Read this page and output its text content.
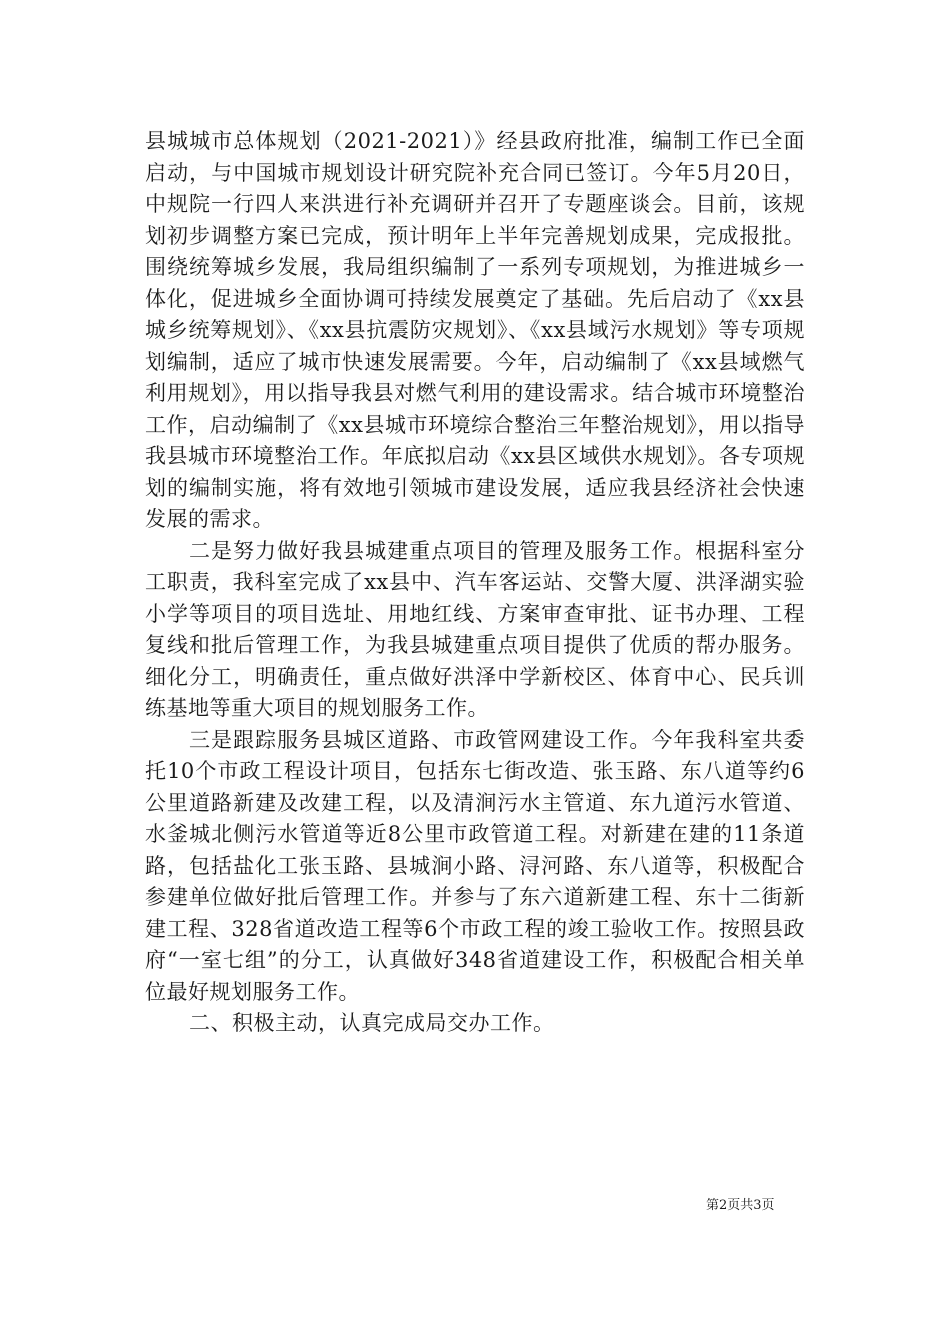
县城城市总体规划（2021-2021）》经县政府批准，编制工作已全面启动，与中国城市规划设计研究院补充合同已签订。今年5月20日，中规院一行四人来洪进行补充调研并召开了专题座谈会。目前，该规划初步调整方案已完成，预计明年上半年完善规划成果，完成报批。围绕统筹城乡发展，我局组织编制了一系列专项规划，为推进城乡一体化，促进城乡全面协调可持续发展奠定了基础。先后启动了《xx县城乡统筹规划》、《xx县抗震防灾规划》、《xx县域污水规划》等专项规划编制，适应了城市快速发展需要。今年，启动编制了《xx县域燃气利用规划》，用以指导我县对燃气利用的建设需求。结合城市环境整治工作，启动编制了《xx县城市环境综合整治三年整治规划》，用以指导我县城市环境整治工作。年底拟启动《xx县区域供水规划》。各专项规划的编制实施，将有效地引领城市建设发展，适应我县经济社会快速发展的需求。

二是努力做好我县城建重点项目的管理及服务工作。根据科室分工职责，我科室完成了xx县中、汽车客运站、交警大厦、洪泽湖实验小学等项目的项目选址、用地红线、方案审查审批、证书办理、工程复线和批后管理工作，为我县城建重点项目提供了优质的帮办服务。细化分工，明确责任，重点做好洪泽中学新校区、体育中心、民兵训练基地等重大项目的规划服务工作。

三是跟踪服务县城区道路、市政管网建设工作。今年我科室共委托10个市政工程设计项目，包括东七街改造、张玉路、东八道等约6公里道路新建及改建工程，以及清涧污水主管道、东九道污水管道、水釜城北侧污水管道等近8公里市政管道工程。对新建在建的11条道路，包括盐化工张玉路、县城涧小路、浔河路、东八道等，积极配合参建单位做好批后管理工作。并参与了东六道新建工程、东十二街新建工程、328省道改造工程等6个市政工程的竣工验收工作。按照县政府“一室七组”的分工，认真做好348省道建设工作，积极配合相关单位最好规划服务工作。

二、积极主动，认真完成局交办工作。

第2页共3页
